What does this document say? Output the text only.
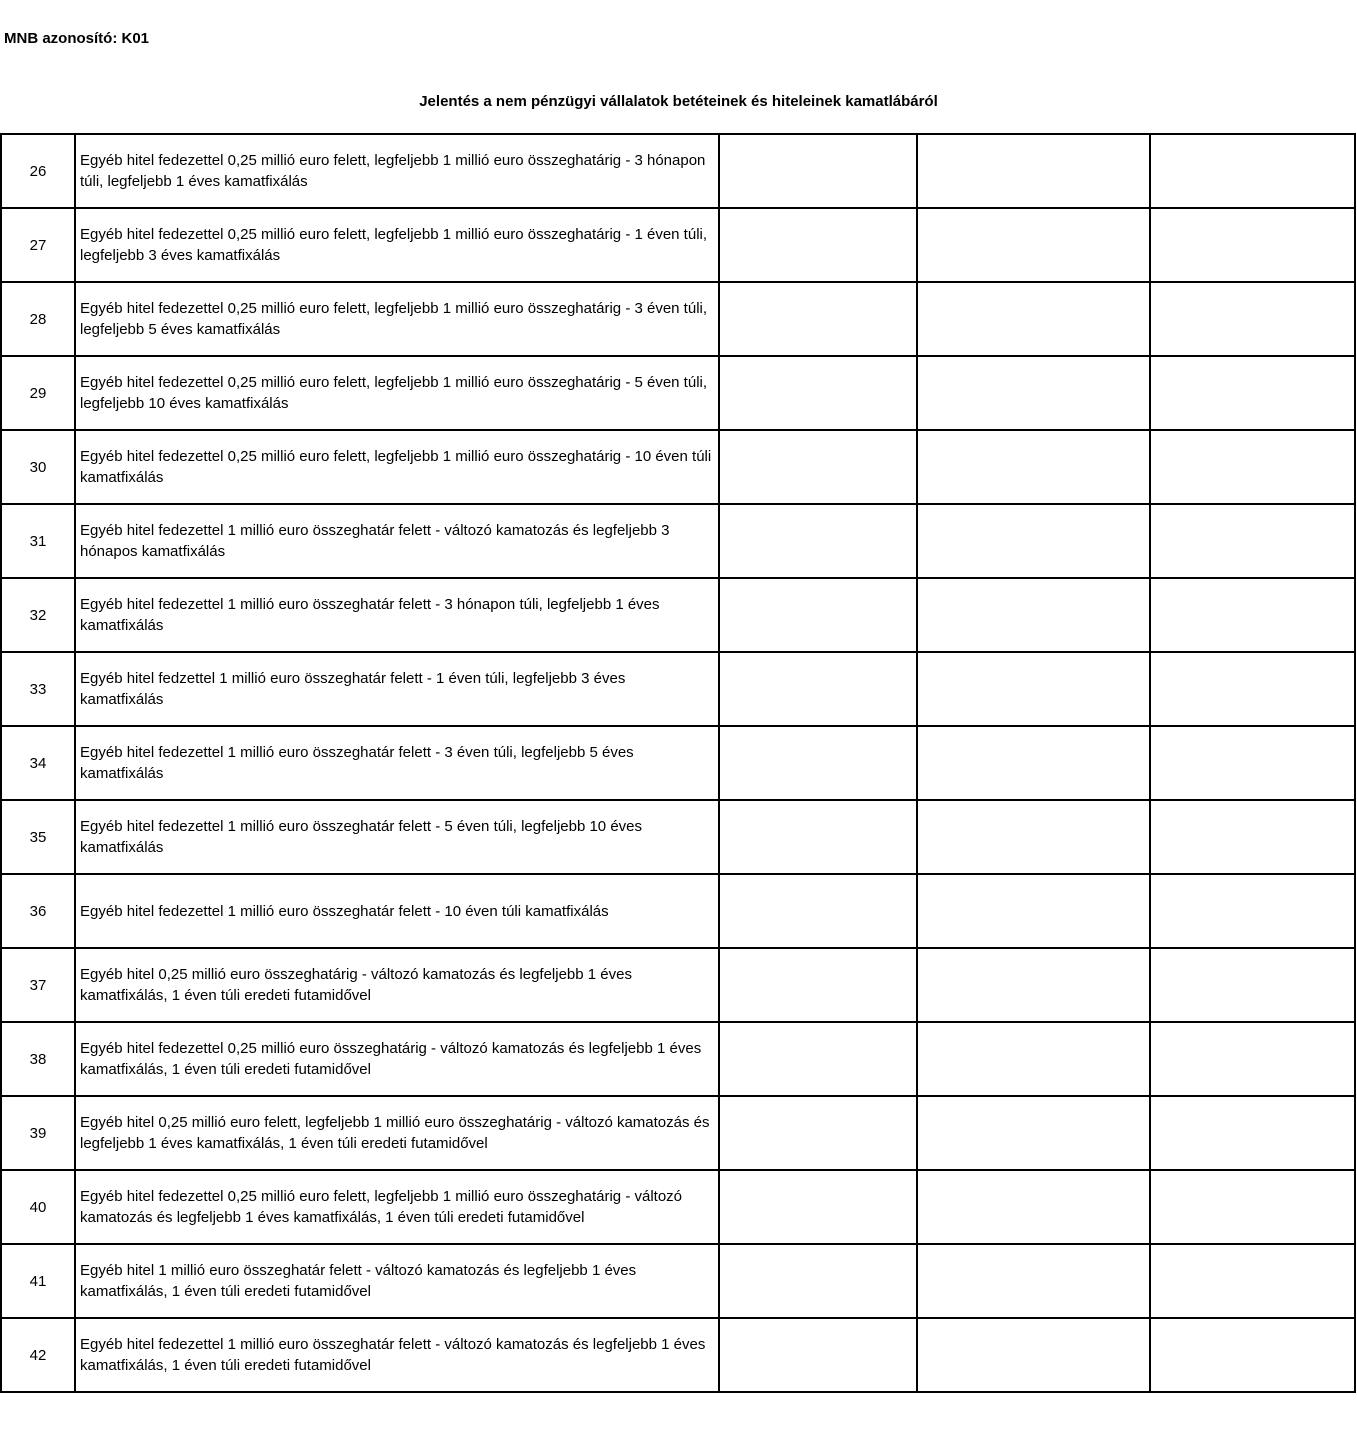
MNB azonosító: K01
Jelentés a nem pénzügyi vállalatok betéteinek és hiteleinek kamatlábáról
26	Egyéb hitel fedezettel 0,25 millió euro felett, legfeljebb 1 millió euro összeghatárig - 3 hónapon túli, legfeljebb 1 éves kamatfixálás			
27	Egyéb hitel fedezettel 0,25 millió euro felett, legfeljebb 1 millió euro összeghatárig - 1 éven túli, legfeljebb 3 éves kamatfixálás			
28	Egyéb hitel fedezettel 0,25 millió euro felett, legfeljebb 1 millió euro összeghatárig - 3 éven túli, legfeljebb 5 éves kamatfixálás			
29	Egyéb hitel fedezettel 0,25 millió euro felett, legfeljebb 1 millió euro összeghatárig - 5 éven túli, legfeljebb 10 éves kamatfixálás			
30	Egyéb hitel fedezettel 0,25 millió euro felett, legfeljebb 1 millió euro összeghatárig - 10 éven túli kamatfixálás			
31	Egyéb hitel fedezettel 1 millió euro összeghatár felett - változó kamatozás és legfeljebb 3 hónapos kamatfixálás			
32	Egyéb hitel fedezettel 1 millió euro összeghatár felett - 3 hónapon túli, legfeljebb 1 éves kamatfixálás			
33	Egyéb hitel fedzettel 1 millió euro összeghatár felett - 1 éven túli, legfeljebb 3 éves kamatfixálás			
34	Egyéb hitel fedezettel 1 millió euro összeghatár felett - 3 éven túli, legfeljebb 5 éves kamatfixálás			
35	Egyéb hitel fedezettel 1 millió euro összeghatár felett - 5 éven túli, legfeljebb 10 éves kamatfixálás			
36	Egyéb hitel fedezettel 1 millió euro összeghatár felett - 10 éven túli kamatfixálás			
37	Egyéb hitel 0,25 millió euro összeghatárig - változó kamatozás és legfeljebb 1 éves kamatfixálás, 1 éven túli eredeti futamidővel			
38	Egyéb hitel fedezettel 0,25 millió euro összeghatárig - változó kamatozás és legfeljebb 1 éves kamatfixálás, 1 éven túli eredeti futamidővel			
39	Egyéb hitel 0,25 millió euro felett, legfeljebb 1 millió euro összeghatárig - változó kamatozás és legfeljebb 1 éves kamatfixálás, 1 éven túli eredeti futamidővel			
40	Egyéb hitel fedezettel 0,25 millió euro felett, legfeljebb 1 millió euro összeghatárig - változó kamatozás és legfeljebb 1 éves kamatfixálás, 1 éven túli eredeti futamidővel			
41	Egyéb hitel 1 millió euro összeghatár felett - változó kamatozás és legfeljebb 1 éves kamatfixálás, 1 éven túli eredeti futamidővel			
42	Egyéb hitel fedezettel 1 millió euro összeghatár felett - változó kamatozás és legfeljebb 1 éves kamatfixálás, 1 éven túli eredeti futamidővel			
